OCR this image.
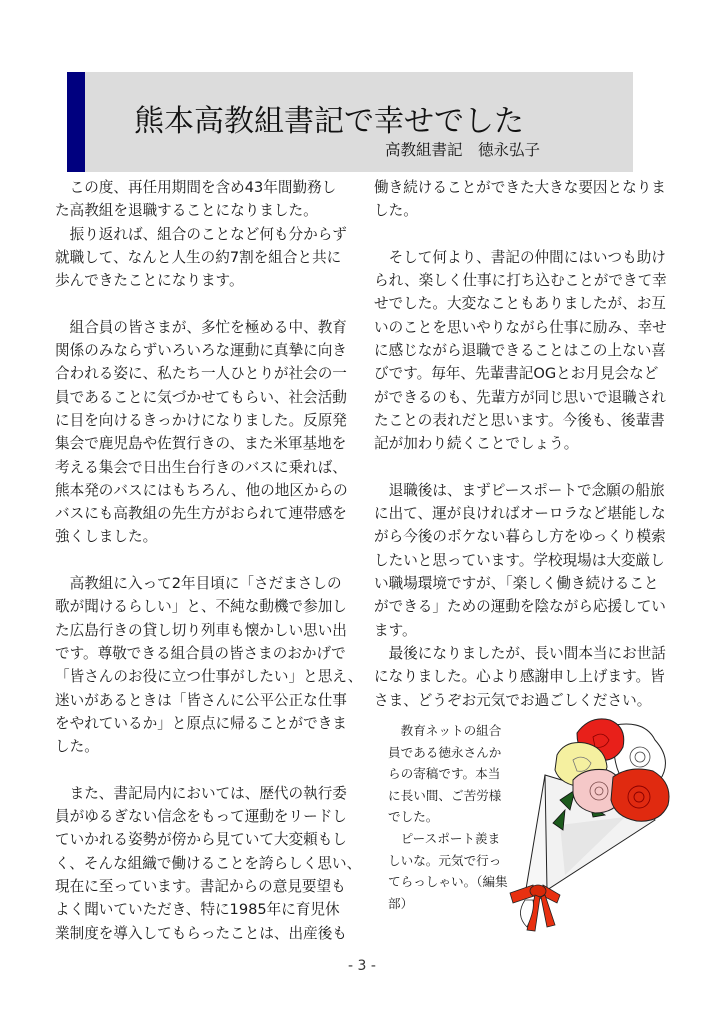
熊本高教組書記で幸せでした
高教組書記　徳永弘子
　この度、再任用期間を含め43年間勤務し
た高教組を退職することになりました。
　振り返れば、組合のことなど何も分からず
就職して、なんと人生の約7割を組合と共に
歩んできたことになります。
　組合員の皆さまが、多忙を極める中、教育
関係のみならずいろいろな運動に真摯に向き
合われる姿に、私たち一人ひとりが社会の一
員であることに気づかせてもらい、社会活動
に目を向けるきっかけになりました。反原発
集会で鹿児島や佐賀行きの、また米軍基地を
考える集会で日出生台行きのバスに乗れば、
熊本発のバスにはもちろん、他の地区からの
バスにも高教組の先生方がおられて連帯感を
強くしました。
　高教組に入って2年目頃に「さだまさしの
歌が聞けるらしい」と、不純な動機で参加し
た広島行きの貸し切り列車も懐かしい思い出
です。尊敬できる組合員の皆さまのおかげで
「皆さんのお役に立つ仕事がしたい」と思え、
迷いがあるときは「皆さんに公平公正な仕事
をやれているか」と原点に帰ることができま
した。
　また、書記局内においては、歴代の執行委
員がゆるぎない信念をもって運動をリードし
ていかれる姿勢が傍から見ていて大変頼もし
く、そんな組織で働けることを誇らしく思い、
現在に至っています。書記からの意見要望も
よく聞いていただき、特に1985年に育児休
業制度を導入してもらったことは、出産後も
働き続けることができた大きな要因となりま
した。
　そして何より、書記の仲間にはいつも助け
られ、楽しく仕事に打ち込むことができて幸
せでした。大変なこともありましたが、お互
いのことを思いやりながら仕事に励み、幸せ
に感じながら退職できることはこの上ない喜
びです。毎年、先輩書記OGとお月見会など
ができるのも、先輩方が同じ思いで退職され
たことの表れだと思います。今後も、後輩書
記が加わり続くことでしょう。
　退職後は、まずピースポートで念願の船旅
に出て、運が良ければオーロラなど堪能しな
がら今後のボケない暮らし方をゆっくり模索
したいと思っています。学校現場は大変厳し
い職場環境ですが、「楽しく働き続けること
ができる」ための運動を陰ながら応援してい
ます。
　最後になりましたが、長い間本当にお世話
になりました。心より感謝申し上げます。皆
さま、どうぞお元気でお過ごしください。
　教育ネットの組合
員である徳永さんか
らの寄稿です。本当
に長い間、ご苦労様
でした。
　ピースポート羨ま
しいな。元気で行っ
てらっしゃい。（編集
部）
- 3 -
